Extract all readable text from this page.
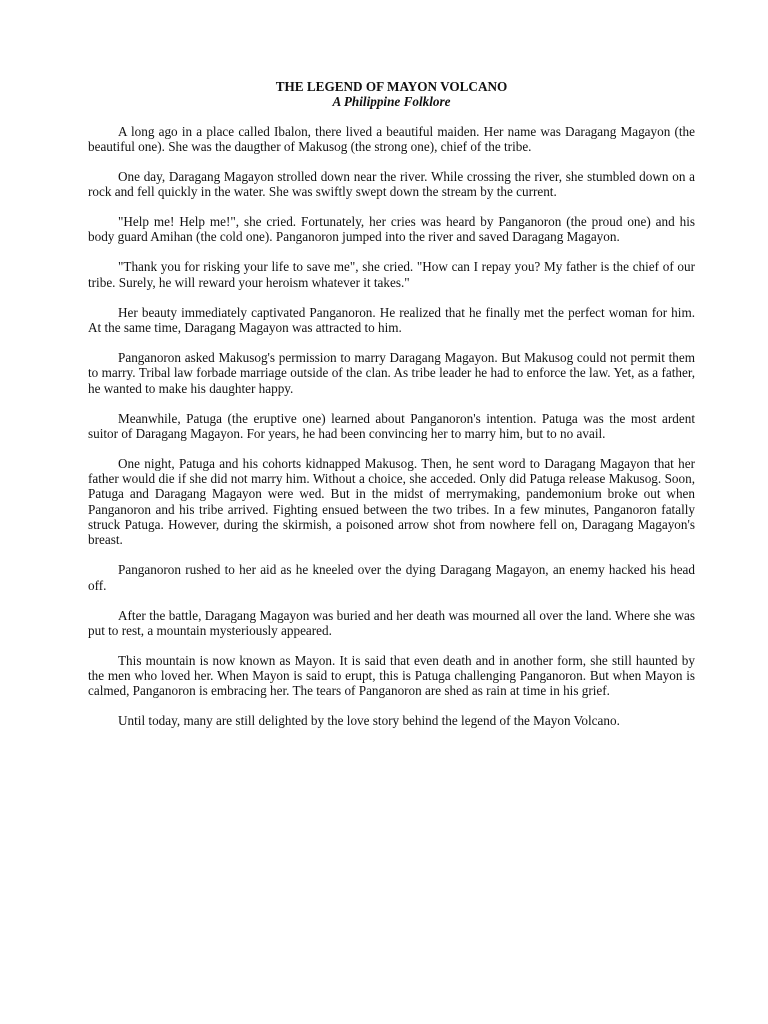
THE LEGEND OF MAYON VOLCANO
A Philippine Folklore

A long ago in a place called Ibalon, there lived a beautiful maiden. Her name was Daragang Magayon (the beautiful one). She was the daugther of Makusog (the strong one), chief of the tribe.

One day, Daragang Magayon strolled down near the river. While crossing the river, she stumbled down on a rock and fell quickly in the water. She was swiftly swept down the stream by the current.

"Help me! Help me!", she cried. Fortunately, her cries was heard by Panganoron (the proud one) and his body guard Amihan (the cold one). Panganoron jumped into the river and saved Daragang Magayon.

"Thank you for risking your life to save me", she cried. "How can I repay you? My father is the chief of our tribe. Surely, he will reward your heroism whatever it takes."

Her beauty immediately captivated Panganoron. He realized that he finally met the perfect woman for him. At the same time, Daragang Magayon was attracted to him.

Panganoron asked Makusog's permission to marry Daragang Magayon. But Makusog could not permit them to marry. Tribal law forbade marriage outside of the clan. As tribe leader he had to enforce the law. Yet, as a father, he wanted to make his daughter happy.

Meanwhile, Patuga (the eruptive one) learned about Panganoron's intention. Patuga was the most ardent suitor of Daragang Magayon. For years, he had been convincing her to marry him, but to no avail.

One night, Patuga and his cohorts kidnapped Makusog. Then, he sent word to Daragang Magayon that her father would die if she did not marry him. Without a choice, she acceded. Only did Patuga release Makusog. Soon, Patuga and Daragang Magayon were wed. But in the midst of merrymaking, pandemonium broke out when Panganoron and his tribe arrived. Fighting ensued between the two tribes. In a few minutes, Panganoron fatally struck Patuga. However, during the skirmish, a poisoned arrow shot from nowhere fell on, Daragang Magayon's breast.

Panganoron rushed to her aid as he kneeled over the dying Daragang Magayon, an enemy hacked his head off.

After the battle, Daragang Magayon was buried and her death was mourned all over the land. Where she was put to rest, a mountain mysteriously appeared.

This mountain is now known as Mayon. It is said that even death and in another form, she still haunted by the men who loved her. When Mayon is said to erupt, this is Patuga challenging Panganoron. But when Mayon is calmed, Panganoron is embracing her. The tears of Panganoron are shed as rain at time in his grief.

Until today, many are still delighted by the love story behind the legend of the Mayon Volcano.
